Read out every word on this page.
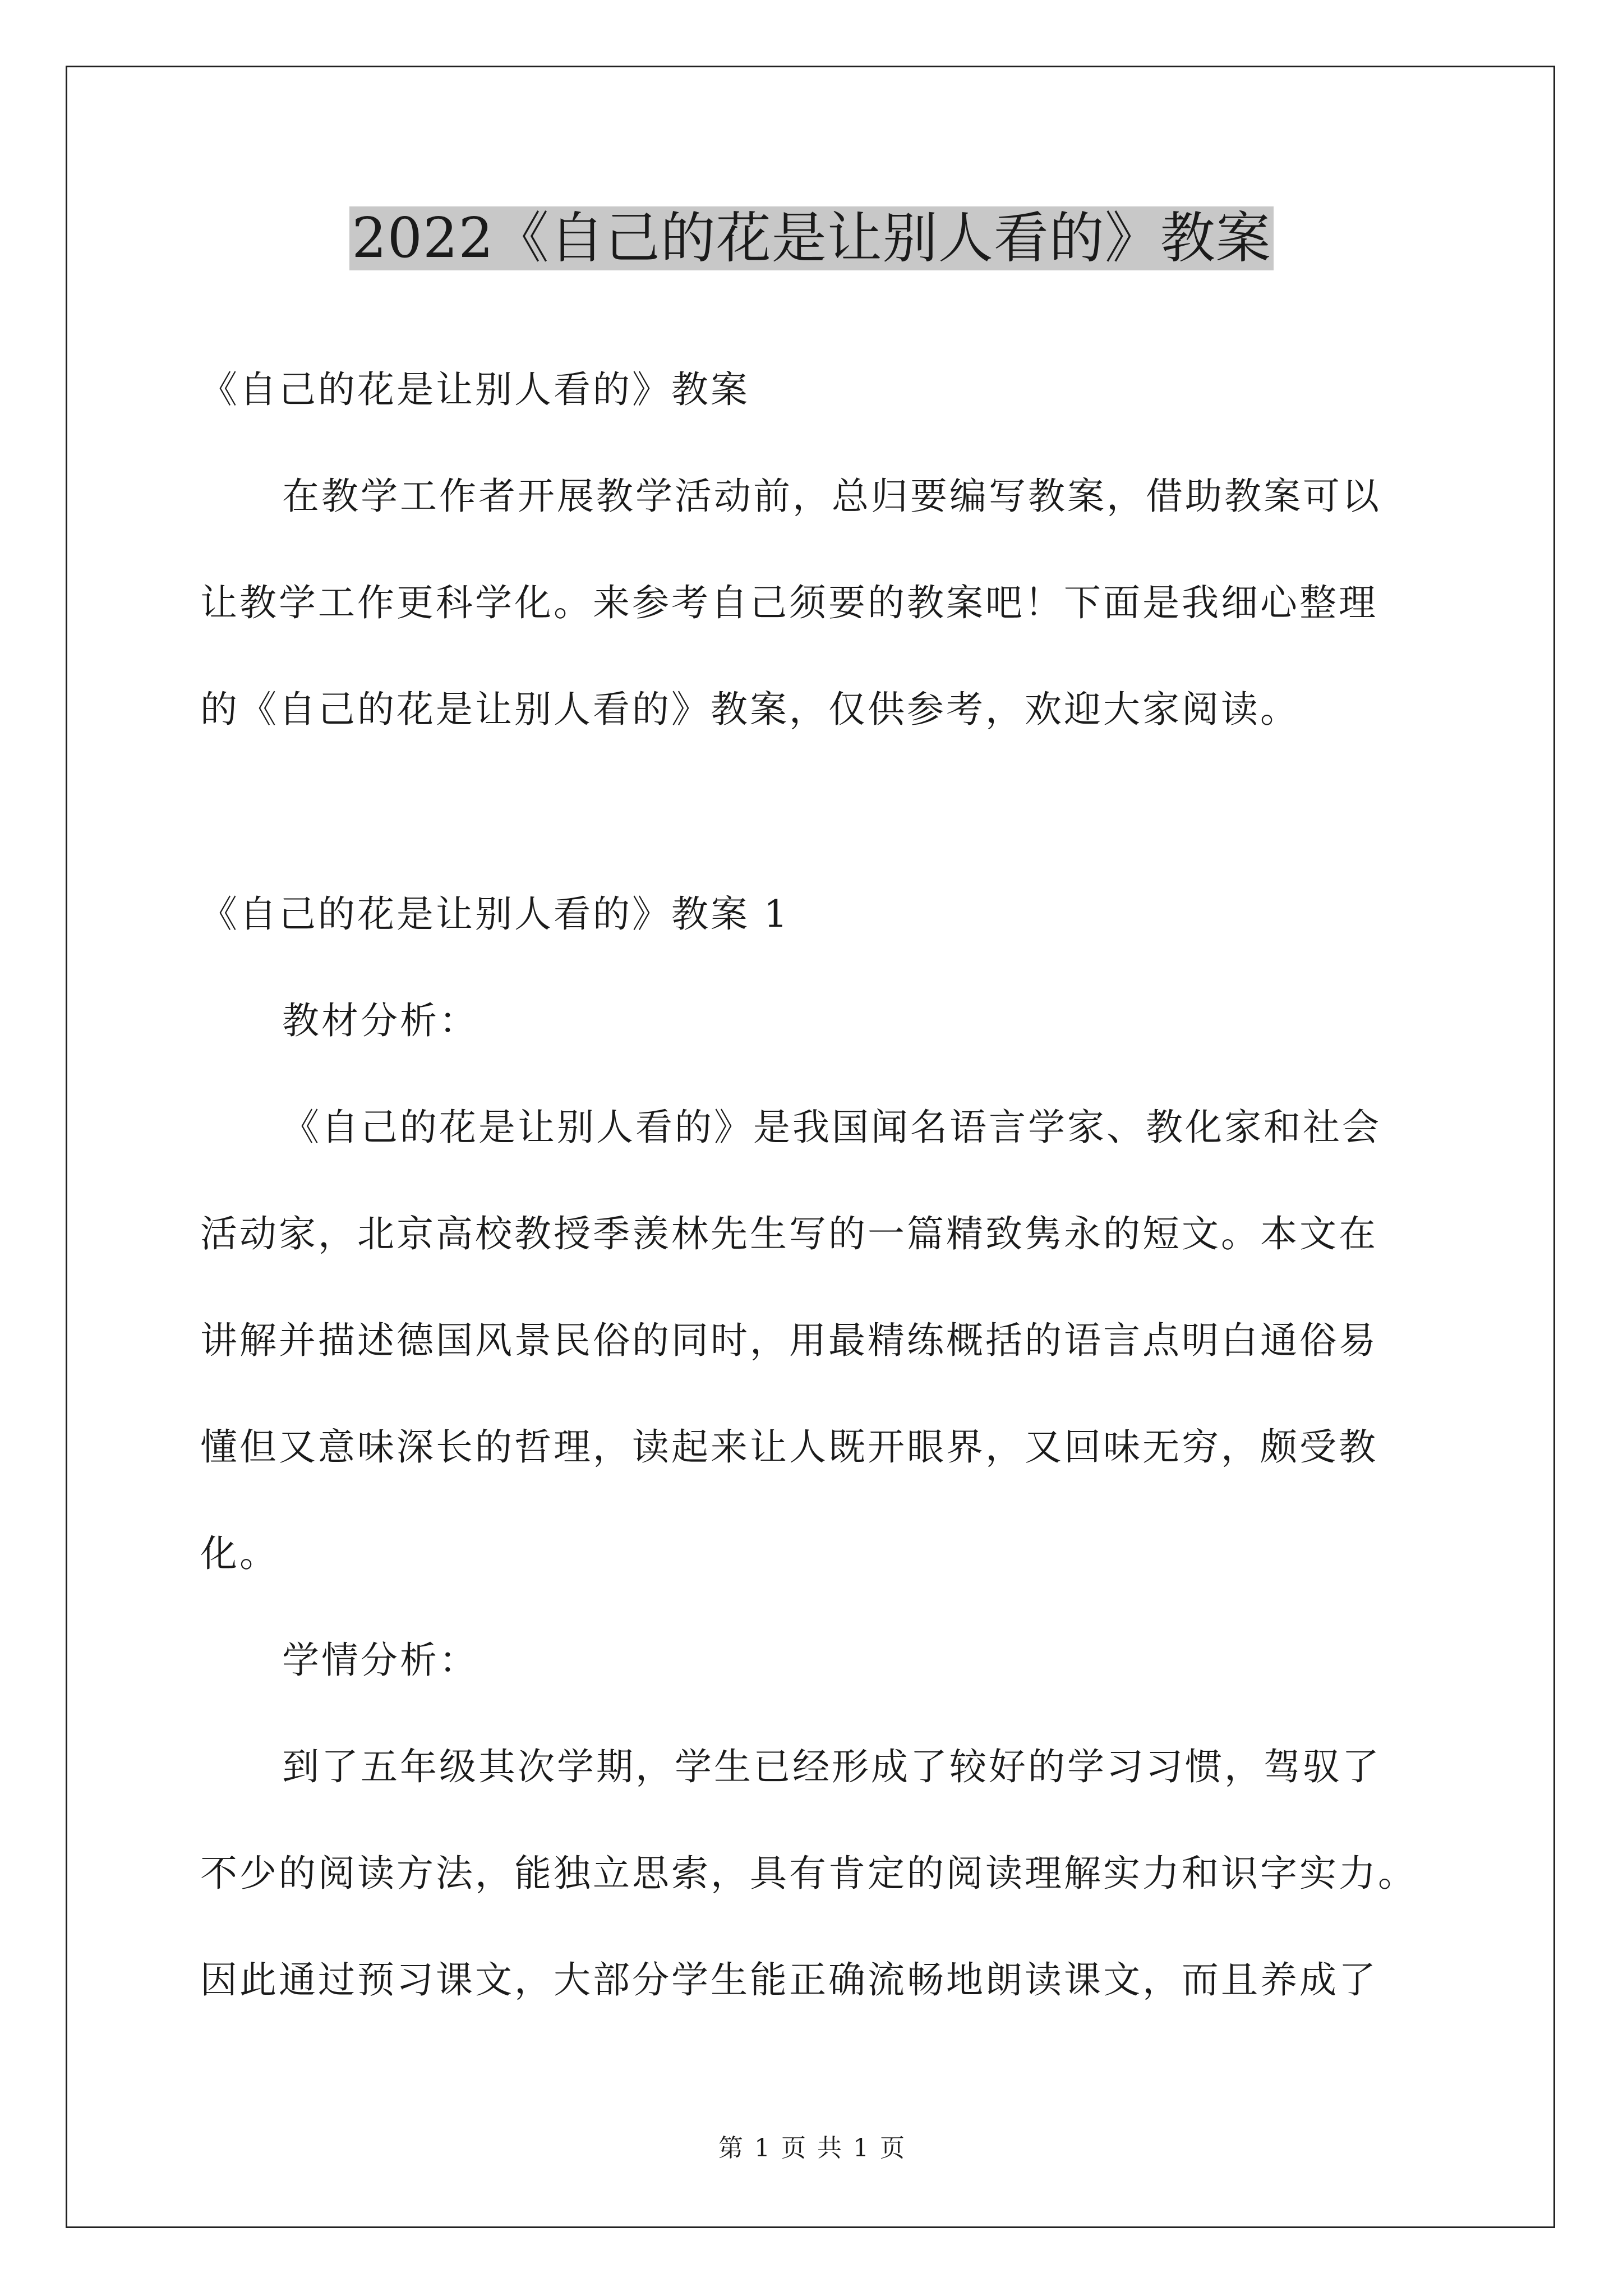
2022《自己的花是让别人看的》教案

《自己的花是让别人看的》教案

在教学工作者开展教学活动前，总归要编写教案，借助教案可以

让教学工作更科学化。来参考自己须要的教案吧！下面是我细心整理

的《自己的花是让别人看的》教案，仅供参考，欢迎大家阅读。

《自己的花是让别人看的》教案 1

教材分析：

《自己的花是让别人看的》是我国闻名语言学家、教化家和社会

活动家，北京高校教授季羡林先生写的一篇精致隽永的短文。本文在

讲解并描述德国风景民俗的同时，用最精练概括的语言点明白通俗易

懂但又意味深长的哲理，读起来让人既开眼界，又回味无穷，颇受教

化。

学情分析：

到了五年级其次学期，学生已经形成了较好的学习习惯，驾驭了

不少的阅读方法，能独立思索，具有肯定的阅读理解实力和识字实力。

因此通过预习课文，大部分学生能正确流畅地朗读课文，而且养成了

第 1 页 共 1 页
